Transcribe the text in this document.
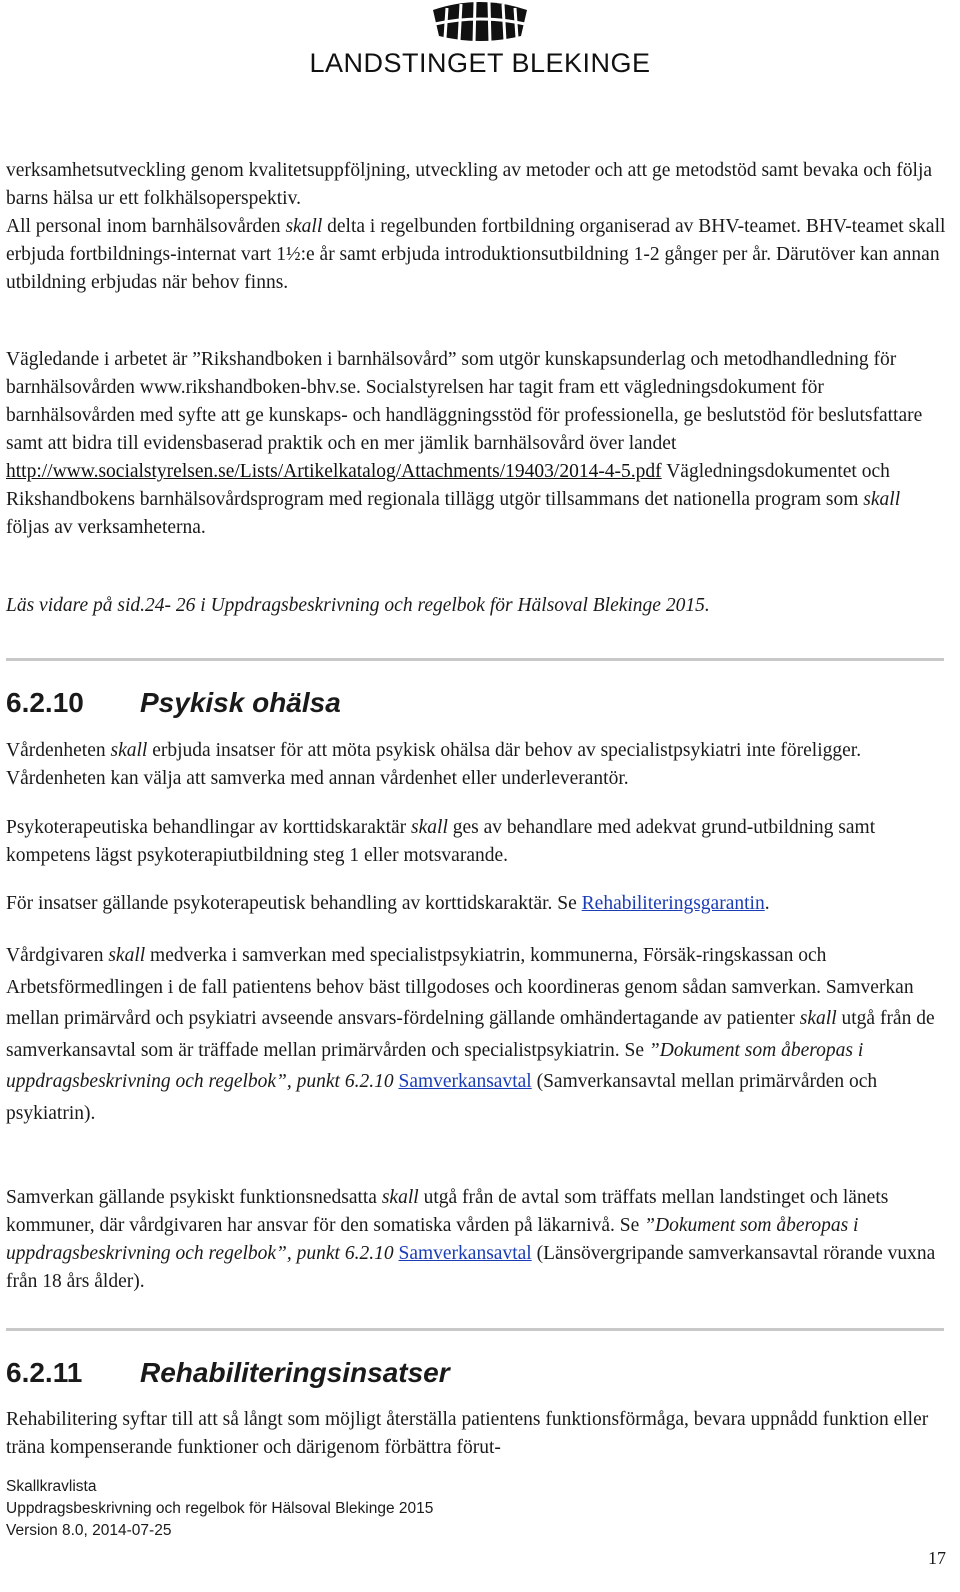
LANDSTINGET BLEKINGE

verksamhetsutveckling genom kvalitetsuppföljning, utveckling av metoder och att ge metodstöd samt bevaka och följa barns hälsa ur ett folkhälsoperspektiv.

All personal inom barnhälsovården skall delta i regelbunden fortbildning organiserad av BHV-teamet. BHV-teamet skall erbjuda fortbildnings-internat vart 1½:e år samt erbjuda introduktionsutbildning 1-2 gånger per år. Därutöver kan annan utbildning erbjudas när behov finns.

Vägledande i arbetet är ”Rikshandboken i barnhälsovård” som utgör kunskapsunderlag och metodhandledning för barnhälsovården www.rikshandboken-bhv.se. Socialstyrelsen har tagit fram ett vägledningsdokument för barnhälsovården med syfte att ge kunskaps- och handläggningsstöd för professionella, ge beslutstöd för beslutsfattare samt att bidra till evidensbaserad praktik och en mer jämlik barnhälsovård över landet http://www.socialstyrelsen.se/Lists/Artikelkatalog/Attachments/19403/2014-4-5.pdf Vägledningsdokumentet och Rikshandbokens barnhälsovårdsprogram med regionala tillägg utgör tillsammans det nationella program som skall följas av verksamheterna.

Läs vidare på sid.24- 26 i Uppdragsbeskrivning och regelbok för Hälsoval Blekinge 2015.

6.2.10 Psykisk ohälsa

Vårdenheten skall erbjuda insatser för att möta psykisk ohälsa där behov av specialistpsykiatri inte föreligger. Vårdenheten kan välja att samverka med annan vårdenhet eller underleverantör.

Psykoterapeutiska behandlingar av korttidskaraktär skall ges av behandlare med adekvat grund-utbildning samt kompetens lägst psykoterapiutbildning steg 1 eller motsvarande.

För insatser gällande psykoterapeutisk behandling av korttidskaraktär. Se Rehabiliteringsgarantin.

Vårdgivaren skall medverka i samverkan med specialistpsykiatrin, kommunerna, Försäk-ringskassan och Arbetsförmedlingen i de fall patientens behov bäst tillgodoses och koordineras genom sådan samverkan. Samverkan mellan primärvård och psykiatri avseende ansvars-fördelning gällande omhändertagande av patienter skall utgå från de samverkansavtal som är träffade mellan primärvården och specialistpsykiatrin. Se ”Dokument som åberopas i uppdragsbeskrivning och regelbok”, punkt 6.2.10 Samverkansavtal (Samverkansavtal mellan primärvården och psykiatrin).

Samverkan gällande psykiskt funktionsnedsatta skall utgå från de avtal som träffats mellan landstinget och länets kommuner, där vårdgivaren har ansvar för den somatiska vården på läkarnivå. Se ”Dokument som åberopas i uppdragsbeskrivning och regelbok”, punkt 6.2.10 Samverkansavtal (Länsövergripande samverkansavtal rörande vuxna från 18 års ålder).

6.2.11 Rehabiliteringsinsatser

Rehabilitering syftar till att så långt som möjligt återställa patientens funktionsförmåga, bevara uppnådd funktion eller träna kompenserande funktioner och därigenom förbättra förut-

Skallkravlista
Uppdragsbeskrivning och regelbok för Hälsoval Blekinge 2015
Version 8.0, 2014-07-25
17
